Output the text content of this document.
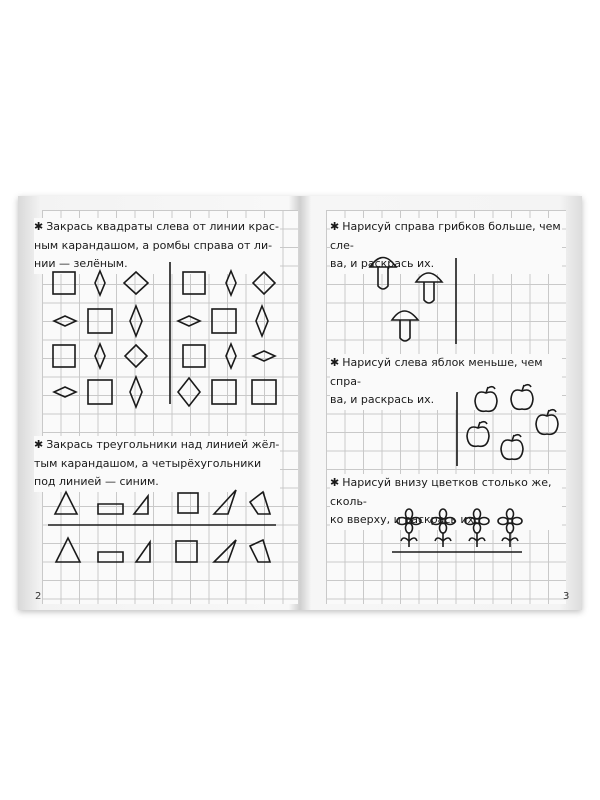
✱ Закрась квадраты слева от линии крас-
ным карандашом, а ромбы справа от ли-
нии — зелёным.
✱ Закрась треугольники над линией жёл-
тым карандашом, а четырёхугольники
под линией — синим.
2
✱ Нарисуй справа грибков больше, чем сле-
ва, и раскрась их.
✱ Нарисуй слева яблок меньше, чем спра-
ва, и раскрась их.
✱ Нарисуй внизу цветков столько же, сколь-
ко вверху, и раскрась их.
3
